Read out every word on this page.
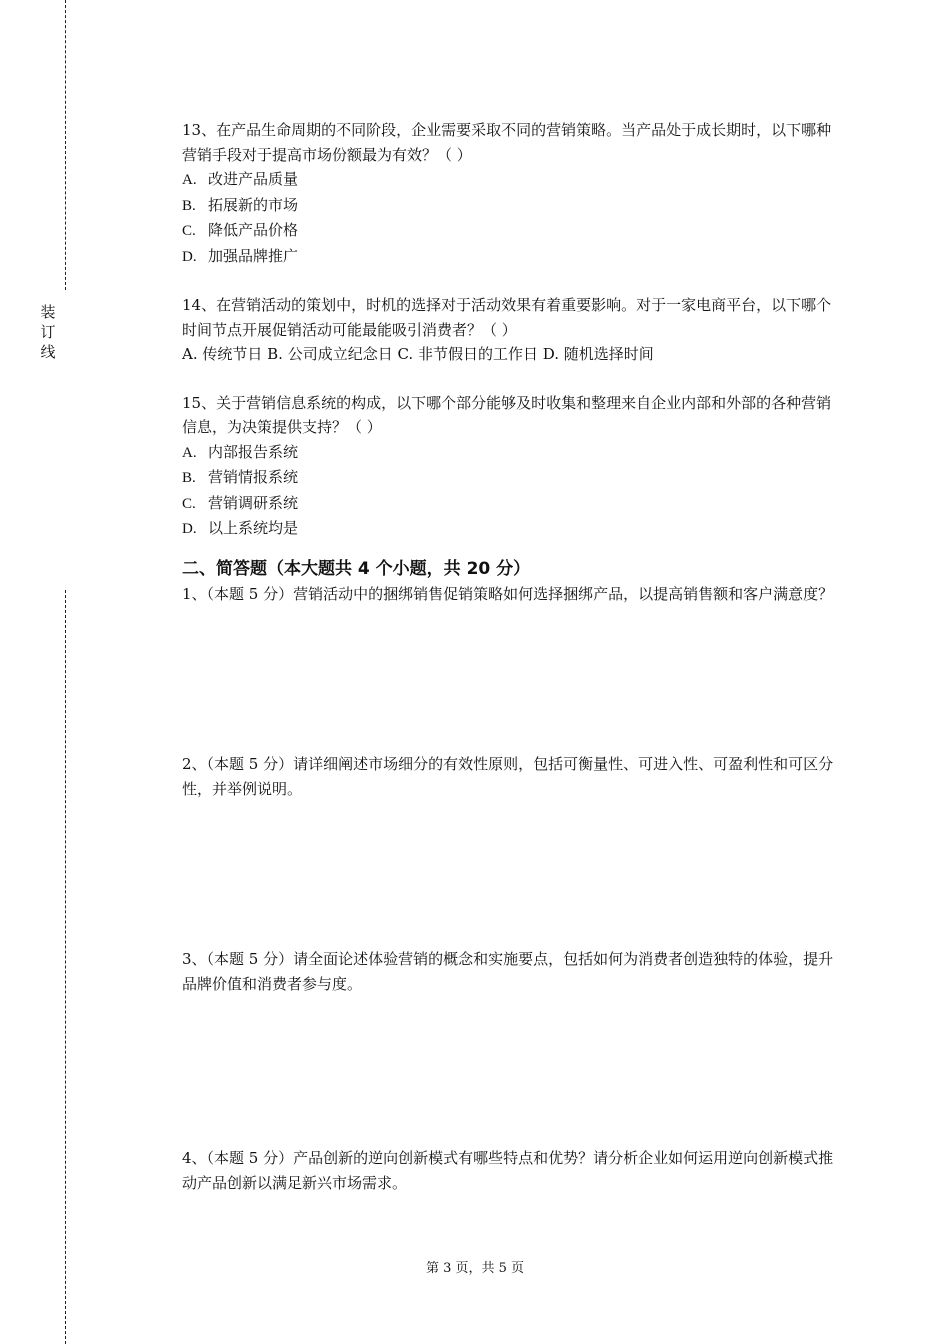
装
订
线
13、在产品生命周期的不同阶段，企业需要采取不同的营销策略。当产品处于成长期时，以下哪种营销手段对于提高市场份额最为有效？（ ）
A. 改进产品质量
B. 拓展新的市场
C. 降低产品价格
D. 加强品牌推广
14、在营销活动的策划中，时机的选择对于活动效果有着重要影响。对于一家电商平台，以下哪个时间节点开展促销活动可能最能吸引消费者？（ ）
A. 传统节日 B. 公司成立纪念日 C. 非节假日的工作日 D. 随机选择时间
15、关于营销信息系统的构成，以下哪个部分能够及时收集和整理来自企业内部和外部的各种营销信息，为决策提供支持？（ ）
A. 内部报告系统
B. 营销情报系统
C. 营销调研系统
D. 以上系统均是
二、简答题（本大题共 4 个小题，共 20 分）
1、（本题 5 分）营销活动中的捆绑销售促销策略如何选择捆绑产品，以提高销售额和客户满意度？
2、（本题 5 分）请详细阐述市场细分的有效性原则，包括可衡量性、可进入性、可盈利性和可区分性，并举例说明。
3、（本题 5 分）请全面论述体验营销的概念和实施要点，包括如何为消费者创造独特的体验，提升品牌价值和消费者参与度。
4、（本题 5 分）产品创新的逆向创新模式有哪些特点和优势？请分析企业如何运用逆向创新模式推动产品创新以满足新兴市场需求。
第 3 页，共 5 页
